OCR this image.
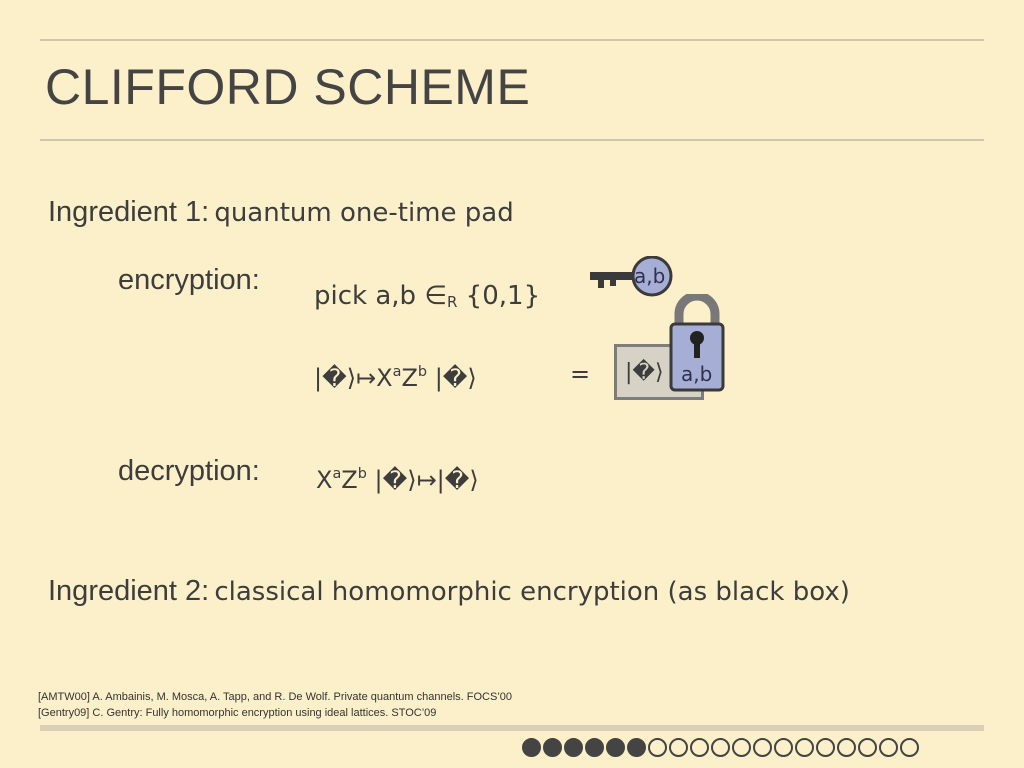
CLIFFORD SCHEME
Ingredient 1: quantum one-time pad
encryption: pick a,b $\in_R$ {0,1}
$|�⟩↦X^aZ^b$ |�⟩	=	|�⟩
a,b
a,b
decryption: $X^aZ^b$ |�⟩↦|�⟩
Ingredient 2: classical homomorphic encryption (as black box)
[AMTW00] A. Ambainis, M. Mosca, A. Tapp, and R. De Wolf. Private quantum channels. FOCS’00
[Gentry09] C. Gentry: Fully homomorphic encryption using ideal lattices. STOC’09
